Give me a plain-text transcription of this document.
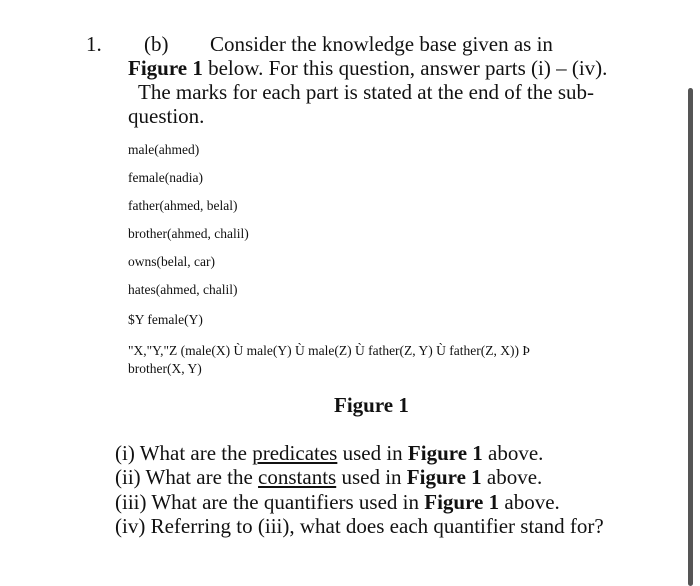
1. (b) Consider the knowledge base given as in
Figure 1 below. For this question, answer parts (i) – (iv).
The marks for each part is stated at the end of the sub-
question.
male(ahmed)
female(nadia)
father(ahmed, belal)
brother(ahmed, chalil)
owns(belal, car)
hates(ahmed, chalil)
$Y female(Y)
"X,"Y,"Z (male(X) Ù male(Y) Ù male(Z) Ù father(Z, Y) Ù father(Z, X)) Þ
brother(X, Y)
Figure 1
(i) What are the predicates used in Figure 1 above.
(ii) What are the constants used in Figure 1 above.
(iii) What are the quantifiers used in Figure 1 above.
(iv) Referring to (iii), what does each quantifier stand for?
